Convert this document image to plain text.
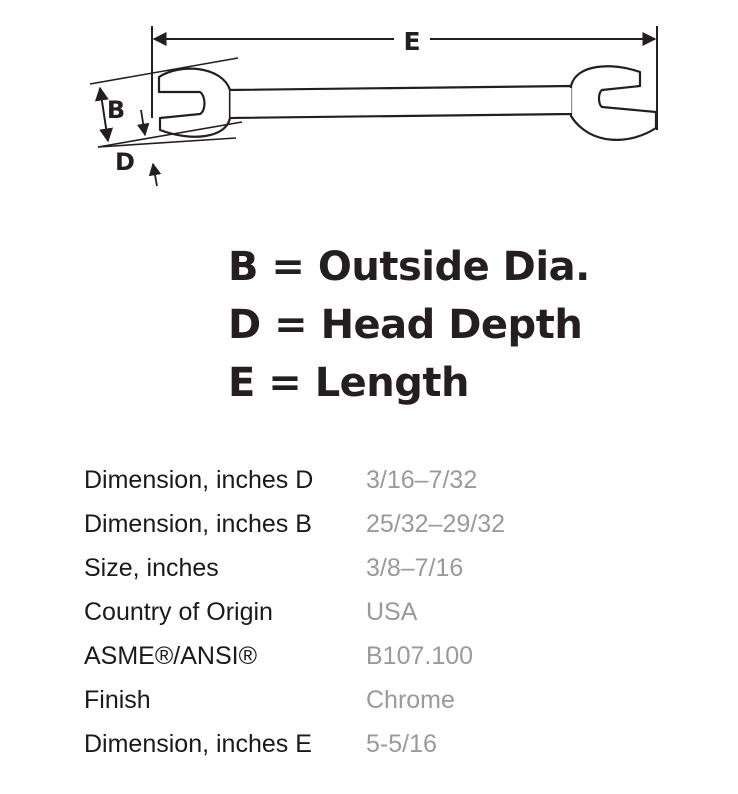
E
B
D
B = Outside Dia.
D = Head Depth
E = Length
Dimension, inches D	3/16–7/32
Dimension, inches B	25/32–29/32
Size, inches	3/8–7/16
Country of Origin	USA
ASME®/ANSI®	B107.100
Finish	Chrome
Dimension, inches E	5-5/16
